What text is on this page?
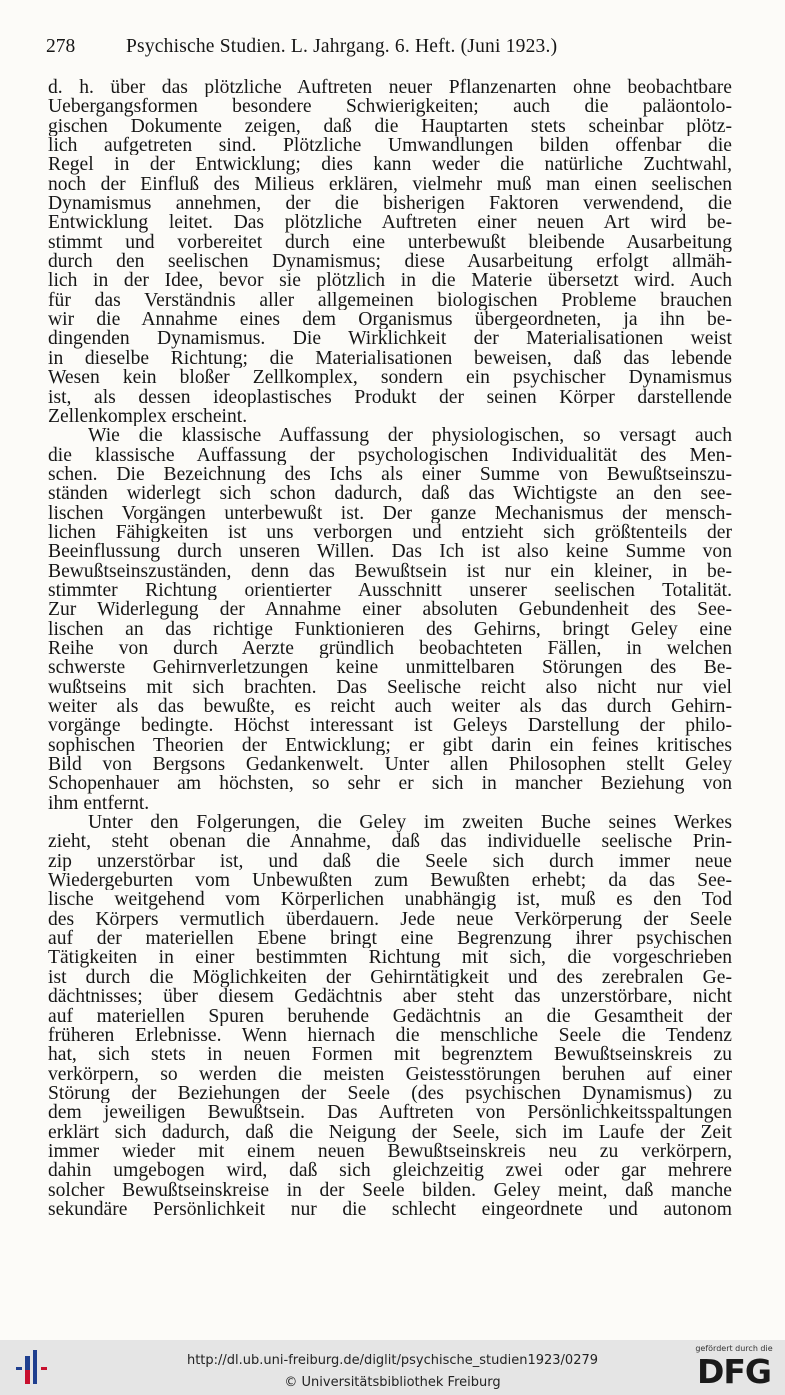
278	Psychische Studien. L. Jahrgang. 6. Heft. (Juni 1923.)
d. h. über das plötzliche Auftreten neuer Pflanzenarten ohne beobachtbare
Uebergangsformen besondere Schwierigkeiten; auch die paläontolo-
gischen Dokumente zeigen, daß die Hauptarten stets scheinbar plötz-
lich aufgetreten sind. Plötzliche Umwandlungen bilden offenbar die
Regel in der Entwicklung; dies kann weder die natürliche Zuchtwahl,
noch der Einfluß des Milieus erklären, vielmehr muß man einen seelischen
Dynamismus annehmen, der die bisherigen Faktoren verwendend, die
Entwicklung leitet. Das plötzliche Auftreten einer neuen Art wird be-
stimmt und vorbereitet durch eine unterbewußt bleibende Ausarbeitung
durch den seelischen Dynamismus; diese Ausarbeitung erfolgt allmäh-
lich in der Idee, bevor sie plötzlich in die Materie übersetzt wird. Auch
für das Verständnis aller allgemeinen biologischen Probleme brauchen
wir die Annahme eines dem Organismus übergeordneten, ja ihn be-
dingenden Dynamismus. Die Wirklichkeit der Materialisationen weist
in dieselbe Richtung; die Materialisationen beweisen, daß das lebende
Wesen kein bloßer Zellkomplex, sondern ein psychischer Dynamismus
ist, als dessen ideoplastisches Produkt der seinen Körper darstellende
Zellenkomplex erscheint.
Wie die klassische Auffassung der physiologischen, so versagt auch
die klassische Auffassung der psychologischen Individualität des Men-
schen. Die Bezeichnung des Ichs als einer Summe von Bewußtseinszu-
ständen widerlegt sich schon dadurch, daß das Wichtigste an den see-
lischen Vorgängen unterbewußt ist. Der ganze Mechanismus der mensch-
lichen Fähigkeiten ist uns verborgen und entzieht sich größtenteils der
Beeinflussung durch unseren Willen. Das Ich ist also keine Summe von
Bewußtseinszuständen, denn das Bewußtsein ist nur ein kleiner, in be-
stimmter Richtung orientierter Ausschnitt unserer seelischen Totalität.
Zur Widerlegung der Annahme einer absoluten Gebundenheit des See-
lischen an das richtige Funktionieren des Gehirns, bringt Geley eine
Reihe von durch Aerzte gründlich beobachteten Fällen, in welchen
schwerste Gehirnverletzungen keine unmittelbaren Störungen des Be-
wußtseins mit sich brachten. Das Seelische reicht also nicht nur viel
weiter als das bewußte, es reicht auch weiter als das durch Gehirn-
vorgänge bedingte. Höchst interessant ist Geleys Darstellung der philo-
sophischen Theorien der Entwicklung; er gibt darin ein feines kritisches
Bild von Bergsons Gedankenwelt. Unter allen Philosophen stellt Geley
Schopenhauer am höchsten, so sehr er sich in mancher Beziehung von
ihm entfernt.
Unter den Folgerungen, die Geley im zweiten Buche seines Werkes
zieht, steht obenan die Annahme, daß das individuelle seelische Prin-
zip unzerstörbar ist, und daß die Seele sich durch immer neue
Wiedergeburten vom Unbewußten zum Bewußten erhebt; da das See-
lische weitgehend vom Körperlichen unabhängig ist, muß es den Tod
des Körpers vermutlich überdauern. Jede neue Verkörperung der Seele
auf der materiellen Ebene bringt eine Begrenzung ihrer psychischen
Tätigkeiten in einer bestimmten Richtung mit sich, die vorgeschrieben
ist durch die Möglichkeiten der Gehirntätigkeit und des zerebralen Ge-
dächtnisses; über diesem Gedächtnis aber steht das unzerstörbare, nicht
auf materiellen Spuren beruhende Gedächtnis an die Gesamtheit der
früheren Erlebnisse. Wenn hiernach die menschliche Seele die Tendenz
hat, sich stets in neuen Formen mit begrenztem Bewußtseinskreis zu
verkörpern, so werden die meisten Geistesstörungen beruhen auf einer
Störung der Beziehungen der Seele (des psychischen Dynamismus) zu
dem jeweiligen Bewußtsein. Das Auftreten von Persönlichkeitsspaltungen
erklärt sich dadurch, daß die Neigung der Seele, sich im Laufe der Zeit
immer wieder mit einem neuen Bewußtseinskreis neu zu verkörpern,
dahin umgebogen wird, daß sich gleichzeitig zwei oder gar mehrere
solcher Bewußtseinskreise in der Seele bilden. Geley meint, daß manche
sekundäre Persönlichkeit nur die schlecht eingeordnete und autonom
http://dl.ub.uni-freiburg.de/diglit/psychische_studien1923/0279
© Universitätsbibliothek Freiburg
gefördert durch die
DFG
